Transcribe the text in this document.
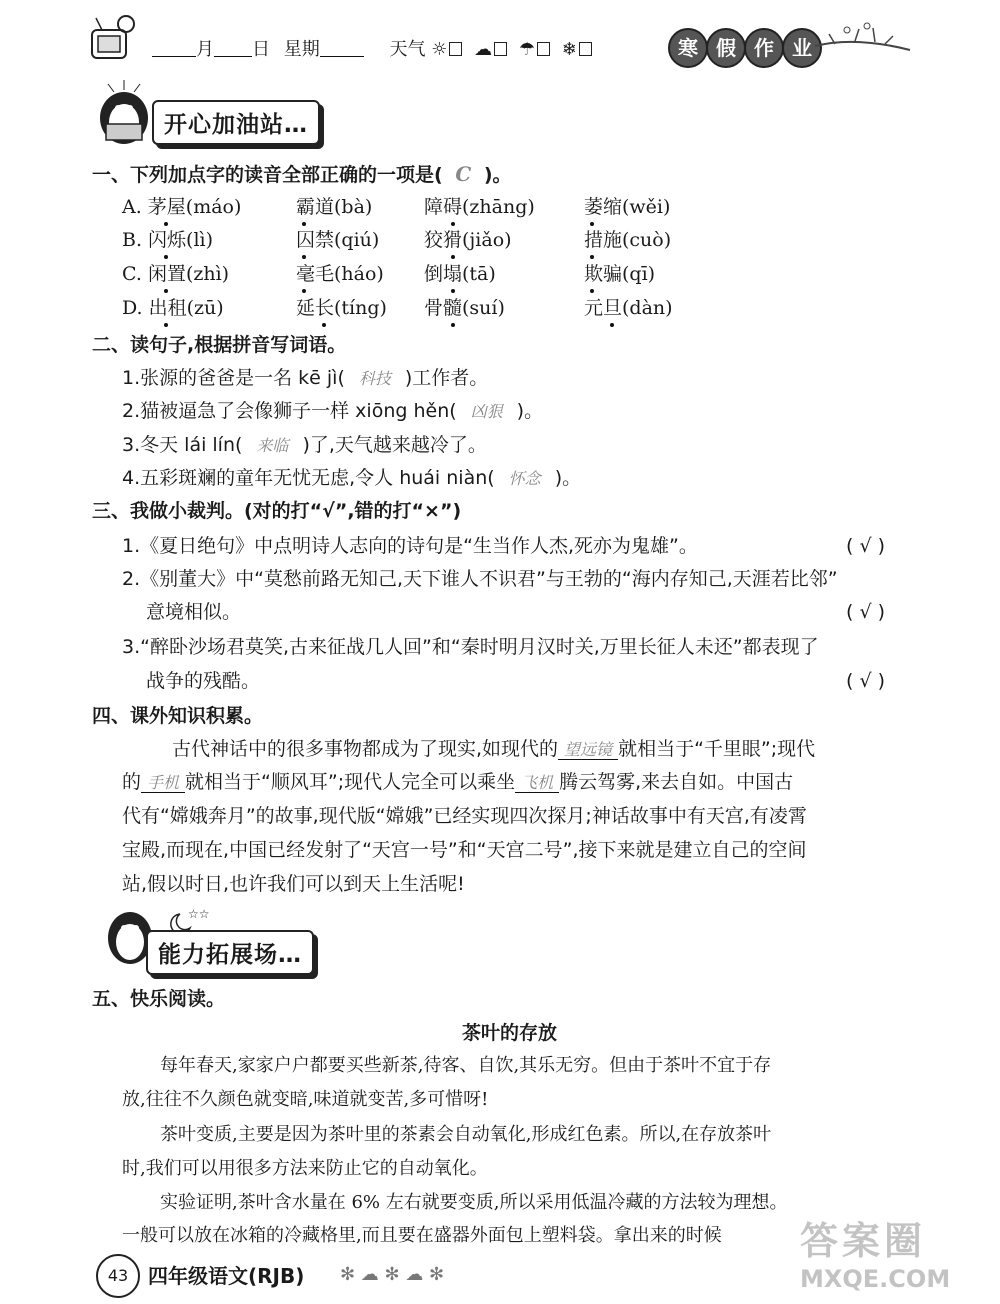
月 日 星期	天气 ☼ ☁ ☂ ❄	寒 假 作 业
开心加油站…
一、下列加点字的读音全部正确的一项是( C )。
A. 茅屋(máo)	霸道(bà)	障碍(zhāng)	萎缩(wěi)
B. 闪烁(lì)	囚禁(qiú) 狡猾(jiǎo)	措施(cuò)
C. 闲置(zhì)	毫毛(háo) 倒塌(tā)	欺骗(qī)
D. 出租(zū)	延长(tíng) 骨髓(suí)	元旦(dàn)
二、读句子,根据拼音写词语。
1.张源的爸爸是一名 kē jì( 科技 )工作者。
2.猫被逼急了会像狮子一样 xiōng hěn( 凶狠 )。
3.冬天 lái lín( 来临 )了,天气越来越冷了。
4.五彩斑斓的童年无忧无虑,令人 huái niàn( 怀念 )。
三、我做小裁判。(对的打“√”,错的打“×”)
1.《夏日绝句》中点明诗人志向的诗句是“生当作人杰,死亦为鬼雄”。	( √ )
2.《别董大》中“莫愁前路无知己,天下谁人不识君”与王勃的“海内存知己,天涯若比邻”
意境相似。	( √ )
3.“醉卧沙场君莫笑,古来征战几人回”和“秦时明月汉时关,万里长征人未还”都表现了
战争的残酷。	( √ )
四、课外知识积累。
古代神话中的很多事物都成为了现实,如现代的 望远镜 就相当于“千里眼”;现代
的 手机 就相当于“顺风耳”;现代人完全可以乘坐 飞机 腾云驾雾,来去自如。中国古
代有“嫦娥奔月”的故事,现代版“嫦娥”已经实现四次探月;神话故事中有天宫,有凌霄
宝殿,而现在,中国已经发射了“天宫一号”和“天宫二号”,接下来就是建立自己的空间
站,假以时日,也许我们可以到天上生活呢!
☆☆
能力拓展场…
五、快乐阅读。
茶叶的存放
每年春天,家家户户都要买些新茶,待客、自饮,其乐无穷。但由于茶叶不宜于存
放,往往不久颜色就变暗,味道就变苦,多可惜呀!
茶叶变质,主要是因为茶叶里的茶素会自动氧化,形成红色素。所以,在存放茶叶
时,我们可以用很多方法来防止它的自动氧化。
实验证明,茶叶含水量在 6% 左右就要变质,所以采用低温冷藏的方法较为理想。
一般可以放在冰箱的冷藏格里,而且要在盛器外面包上塑料袋。拿出来的时候
43 四年级语文(RJB) ✻ ☁ ✻ ☁ ✻
答案圈
MXQE.COM
